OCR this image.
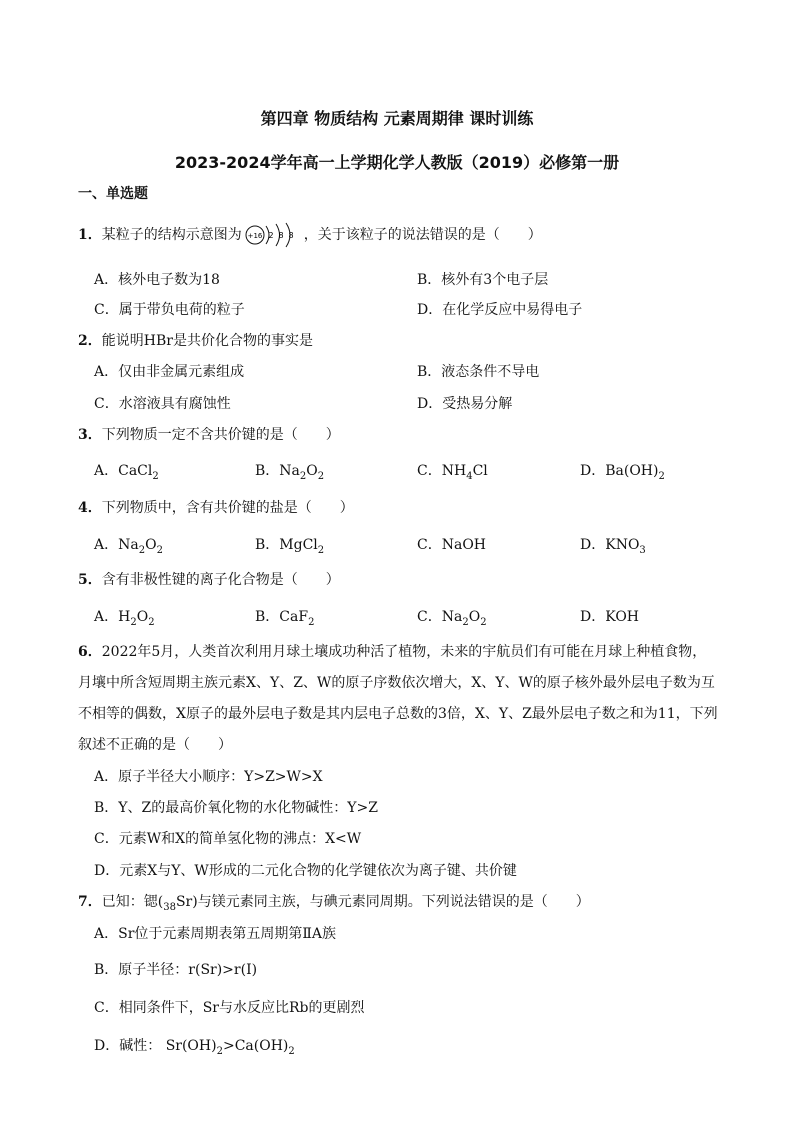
第四章 物质结构 元素周期律 课时训练
2023-2024学年高一上学期化学人教版（2019）必修第一册
一、单选题
1．某粒子的结构示意图为 +16 2 8 8 ，关于该粒子的说法错误的是（　　）
A．核外电子数为18	B．核外有3个电子层
C．属于带负电荷的粒子	D．在化学反应中易得电子
2．能说明HBr是共价化合物的事实是
A．仅由非金属元素组成	B．液态条件不导电
C．水溶液具有腐蚀性	D．受热易分解
3．下列物质一定不含共价键的是（　　）
A．CaCl$_2$	B．$Na_2O_2$	C．$NH_4Cl$	D．$Ba(OH)_2$
4．下列物质中，含有共价键的盐是（　　）
A．$Na_2O_2$	B．MgCl$_2$	C．NaOH	D．$KNO_3$
5．含有非极性键的离子化合物是（　　）
A．$H_2O_2$	B．CaF$_2$	C．$Na_2O_2$	D．KOH
6．2022年5月，人类首次利用月球土壤成功种活了植物，未来的宇航员们有可能在月球上种植食物，月壤中所含短周期主族元素X、Y、Z、W的原子序数依次增大，X、Y、W的原子核外最外层电子数为互不相等的偶数，X原子的最外层电子数是其内层电子总数的3倍，X、Y、Z最外层电子数之和为11，下列叙述不正确的是（　　）
A．原子半径大小顺序：Y>Z>W>X
B．Y、Z的最高价氧化物的水化物碱性：Y>Z
C．元素W和X的简单氢化物的沸点：X<W
D．元素X与Y、W形成的二元化合物的化学键依次为离子键、共价键
7．已知：锶$(_{38}Sr)$与镁元素同主族，与碘元素同周期。下列说法错误的是（　　）
A．Sr位于元素周期表第五周期第ⅡA族
B．原子半径：r(Sr)>r(I)
C．相同条件下，Sr与水反应比Rb的更剧烈
D．碱性： $Sr(OH)_2>Ca(OH)_2$
